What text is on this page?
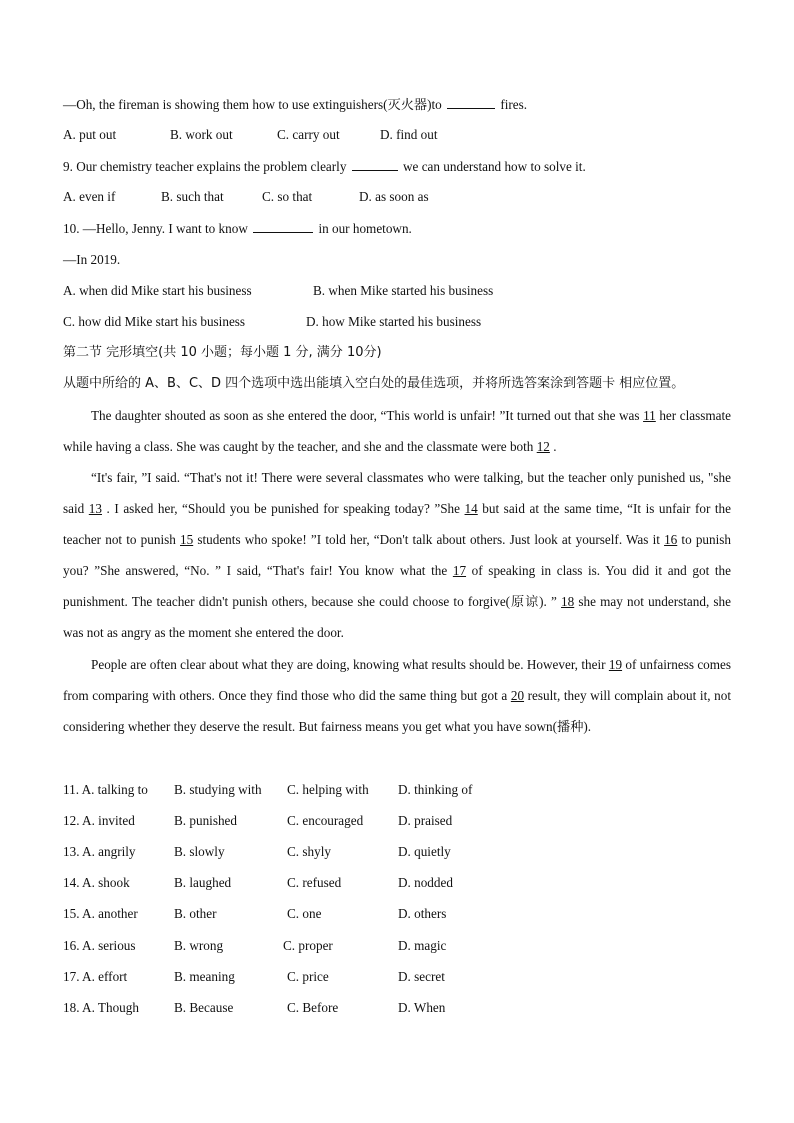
—Oh, the fireman is showing them how to use extinguishers(灭火器)to	fires.
A. put out	B. work out	C. carry out	D. find out
9. Our chemistry teacher explains the problem clearly	we can understand how to solve it.
A. even if	B. such that	C. so that	D. as soon as
10. —Hello, Jenny. I want to know	in our hometown.
—In 2019.
A. when did Mike start his business	B. when Mike started his business
C. how did Mike start his business	D. how Mike started his business
第二节 完形填空(共 10 小题；每小题 1 分, 满分 10分)
从题中所给的 A、B、C、D 四个选项中选出能填入空白处的最佳选项，并将所选答案涂到答题卡 相应位置。
The daughter shouted as soon as she entered the door, “This world is unfair! ”It turned out that she was 11 her classmate while having a class. She was caught by the teacher, and she and the classmate were both 12 .
“It's fair, ”I said. “That's not it! There were several classmates who were talking, but the teacher only punished us, "she said 13 . I asked her, “Should you be punished for speaking today? ”She 14 but said at the same time, “It is unfair for the teacher not to punish 15 students who spoke! ”I told her, “Don't talk about others. Just look at yourself. Was it 16 to punish you? ”She answered, “No. ” I said, “That's fair! You know what the 17 of speaking in class is. You did it and got the punishment. The teacher didn't punish others, because she could choose to forgive(原谅). ” 18 she may not understand, she was not as angry as the moment she entered the door.
People are often clear about what they are doing, knowing what results should be. However, their 19 of unfairness comes from comparing with others. Once they find those who did the same thing but got a 20 result, they will complain about it, not considering whether they deserve the result. But fairness means you get what you have sown(播种).
11. A. talking to B. studying with C. helping with D. thinking of
12. A. invited	B. punished	C. encouraged	D. praised
13. A. angrily	B. slowly	C. shyly	D. quietly
14. A. shook	B. laughed	C. refused	D. nodded
15. A. another	B. other	C. one	D. others
16. A. serious	B. wrong	C. proper	D. magic
17. A. effort	B. meaning	C. price	D. secret
18. A. Though	B. Because	C. Before	D. When
